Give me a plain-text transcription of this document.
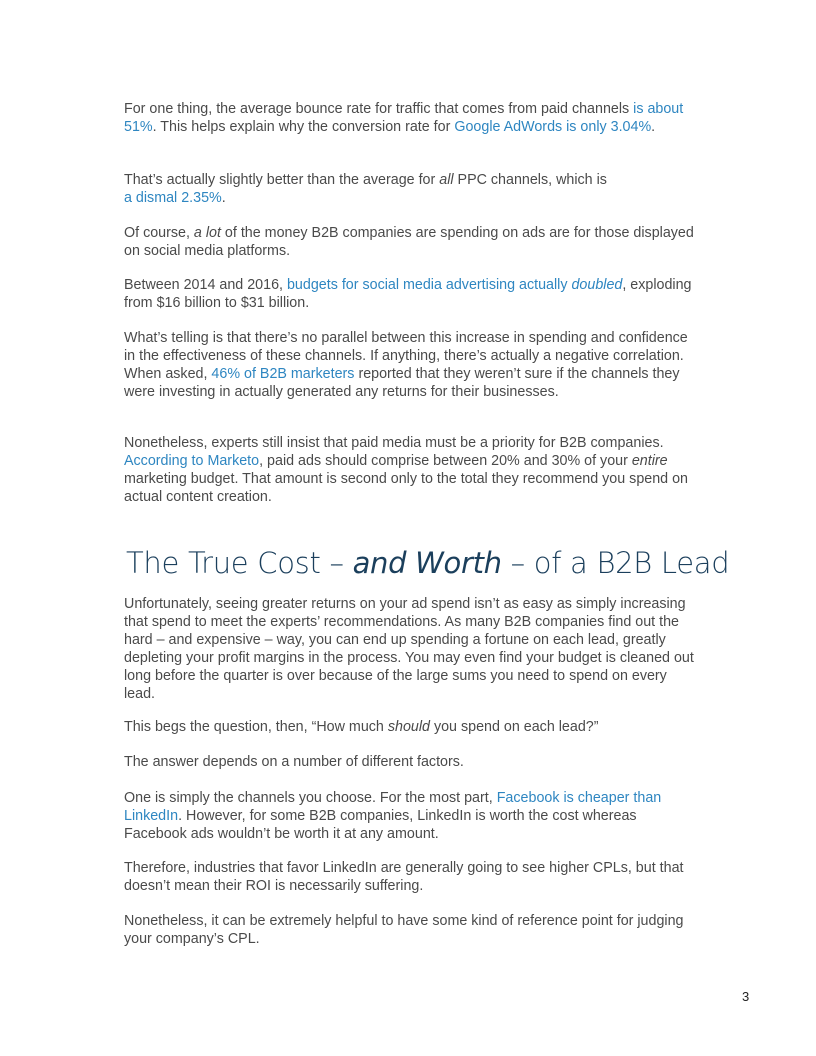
For one thing, the average bounce rate for traffic that comes from paid channels is about 51%. This helps explain why the conversion rate for Google AdWords is only 3.04%.

That’s actually slightly better than the average for all PPC channels, which is
a dismal 2.35%.

Of course, a lot of the money B2B companies are spending on ads are for those displayed on social media platforms.

Between 2014 and 2016, budgets for social media advertising actually doubled, exploding from $16 billion to $31 billion.

What’s telling is that there’s no parallel between this increase in spending and confidence in the effectiveness of these channels. If anything, there’s actually a negative correlation. When asked, 46% of B2B marketers reported that they weren’t sure if the channels they were investing in actually generated any returns for their businesses.

Nonetheless, experts still insist that paid media must be a priority for B2B companies. According to Marketo, paid ads should comprise between 20% and 30% of your entire marketing budget. That amount is second only to the total they recommend you spend on actual content creation.

The True Cost – and Worth – of a B2B Lead

Unfortunately, seeing greater returns on your ad spend isn’t as easy as simply increasing that spend to meet the experts’ recommendations. As many B2B companies find out the hard – and expensive – way, you can end up spending a fortune on each lead, greatly depleting your profit margins in the process. You may even find your budget is cleaned out long before the quarter is over because of the large sums you need to spend on every lead.

This begs the question, then, “How much should you spend on each lead?”

The answer depends on a number of different factors.

One is simply the channels you choose. For the most part, Facebook is cheaper than LinkedIn. However, for some B2B companies, LinkedIn is worth the cost whereas Facebook ads wouldn’t be worth it at any amount.

Therefore, industries that favor LinkedIn are generally going to see higher CPLs, but that doesn’t mean their ROI is necessarily suffering.

Nonetheless, it can be extremely helpful to have some kind of reference point for judging your company’s CPL.

3
